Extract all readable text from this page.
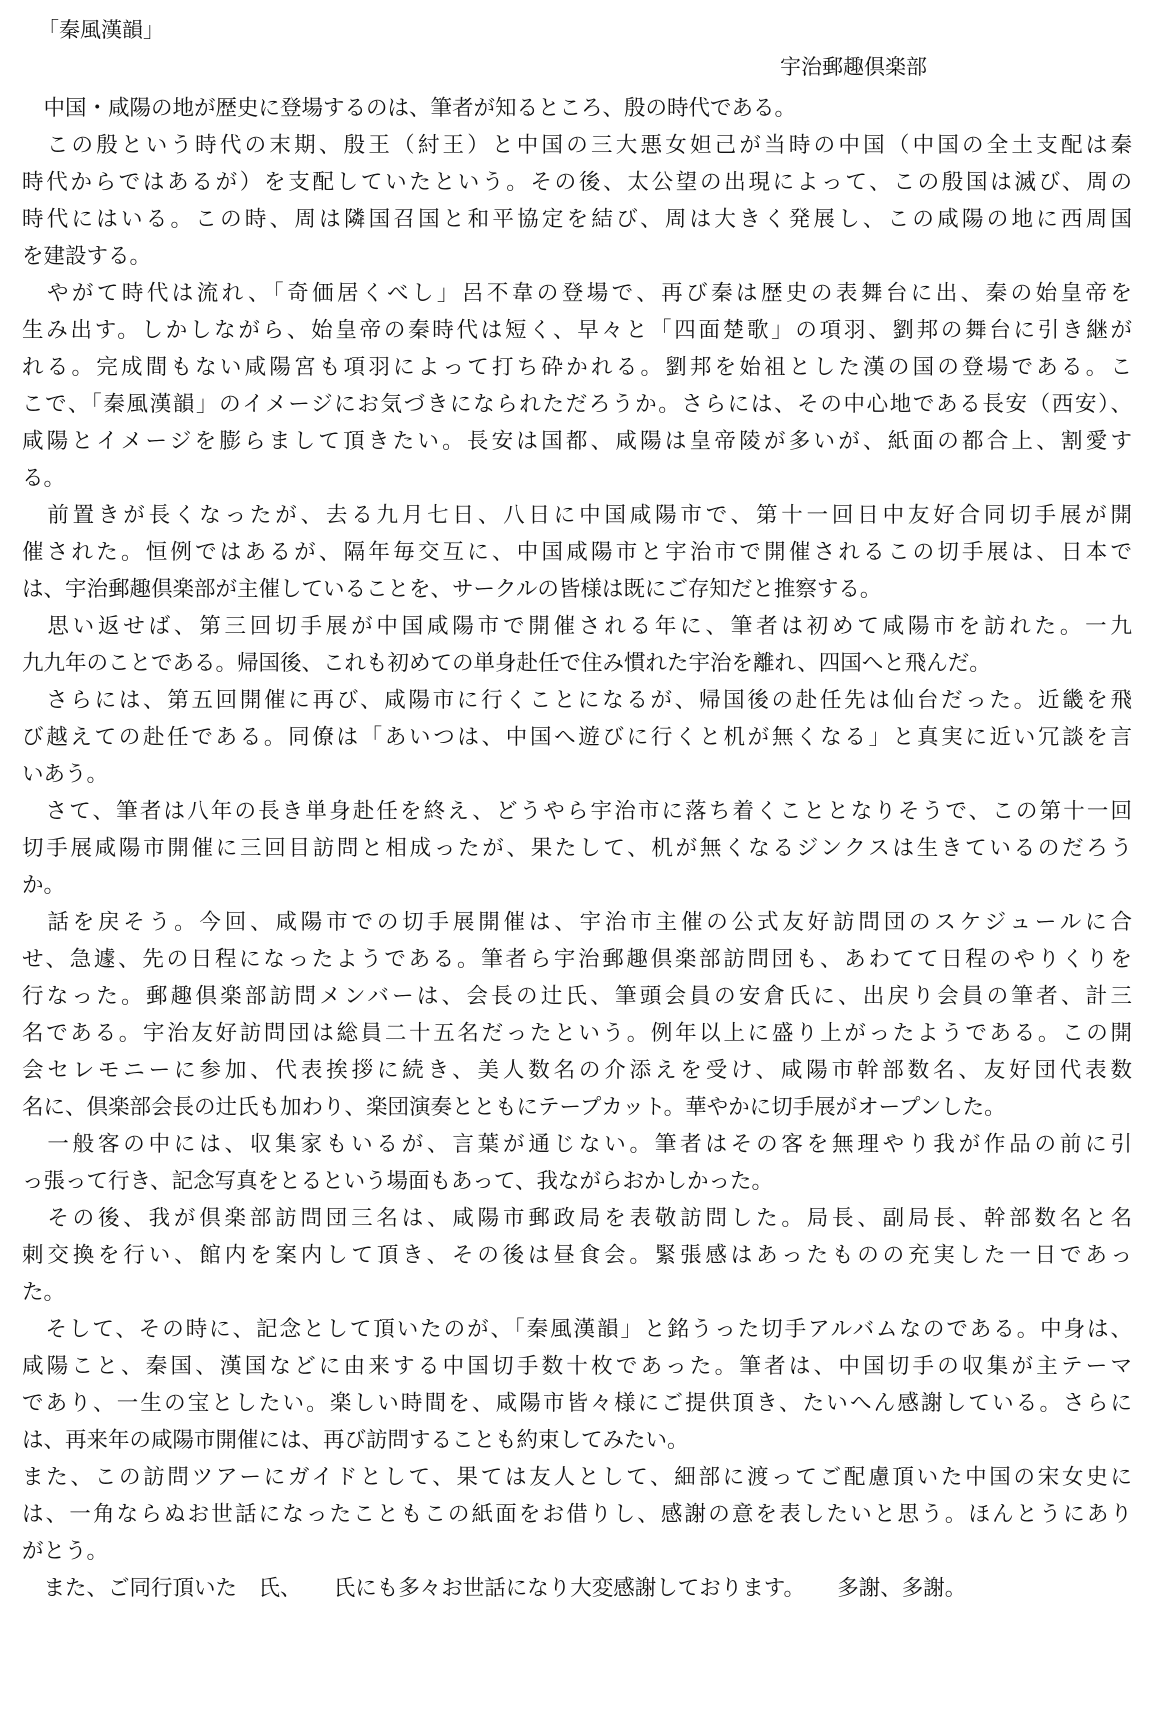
「秦風漢韻」
宇治郵趣倶楽部
　中国・咸陽の地が歴史に登場するのは、筆者が知るところ、殷の時代である。
　この殷という時代の末期、殷王（紂王）と中国の三大悪女妲己が当時の中国（中国の全土支配は秦
時代からではあるが）を支配していたという。その後、太公望の出現によって、この殷国は滅び、周の
時代にはいる。この時、周は隣国召国と和平協定を結び、周は大きく発展し、この咸陽の地に西周国
を建設する。
　やがて時代は流れ、「奇価居くべし」呂不韋の登場で、再び秦は歴史の表舞台に出、秦の始皇帝を
生み出す。しかしながら、始皇帝の秦時代は短く、早々と「四面楚歌」の項羽、劉邦の舞台に引き継が
れる。完成間もない咸陽宮も項羽によって打ち砕かれる。劉邦を始祖とした漢の国の登場である。こ
こで、「秦風漢韻」のイメージにお気づきになられただろうか。さらには、その中心地である長安（西安）、
咸陽とイメージを膨らまして頂きたい。長安は国都、咸陽は皇帝陵が多いが、紙面の都合上、割愛す
る。
　前置きが長くなったが、去る九月七日、八日に中国咸陽市で、第十一回日中友好合同切手展が開
催された。恒例ではあるが、隔年毎交互に、中国咸陽市と宇治市で開催されるこの切手展は、日本で
は、宇治郵趣倶楽部が主催していることを、サークルの皆様は既にご存知だと推察する。
　思い返せば、第三回切手展が中国咸陽市で開催される年に、筆者は初めて咸陽市を訪れた。一九
九九年のことである。帰国後、これも初めての単身赴任で住み慣れた宇治を離れ、四国へと飛んだ。
　さらには、第五回開催に再び、咸陽市に行くことになるが、帰国後の赴任先は仙台だった。近畿を飛
び越えての赴任である。同僚は「あいつは、中国へ遊びに行くと机が無くなる」と真実に近い冗談を言
いあう。
　さて、筆者は八年の長き単身赴任を終え、どうやら宇治市に落ち着くこととなりそうで、この第十一回
切手展咸陽市開催に三回目訪問と相成ったが、果たして、机が無くなるジンクスは生きているのだろう
か。
　話を戻そう。今回、咸陽市での切手展開催は、宇治市主催の公式友好訪問団のスケジュールに合
せ、急遽、先の日程になったようである。筆者ら宇治郵趣倶楽部訪問団も、あわてて日程のやりくりを
行なった。郵趣倶楽部訪問メンバーは、会長の辻氏、筆頭会員の安倉氏に、出戻り会員の筆者、計三
名である。宇治友好訪問団は総員二十五名だったという。例年以上に盛り上がったようである。この開
会セレモニーに参加、代表挨拶に続き、美人数名の介添えを受け、咸陽市幹部数名、友好団代表数
名に、倶楽部会長の辻氏も加わり、楽団演奏とともにテープカット。華やかに切手展がオープンした。
　一般客の中には、収集家もいるが、言葉が通じない。筆者はその客を無理やり我が作品の前に引
っ張って行き、記念写真をとるという場面もあって、我ながらおかしかった。
　その後、我が倶楽部訪問団三名は、咸陽市郵政局を表敬訪問した。局長、副局長、幹部数名と名
刺交換を行い、館内を案内して頂き、その後は昼食会。緊張感はあったものの充実した一日であっ
た。
　そして、その時に、記念として頂いたのが、「秦風漢韻」と銘うった切手アルバムなのである。中身は、
咸陽こと、秦国、漢国などに由来する中国切手数十枚であった。筆者は、中国切手の収集が主テーマ
であり、一生の宝としたい。楽しい時間を、咸陽市皆々様にご提供頂き、たいへん感謝している。さらに
は、再来年の咸陽市開催には、再び訪問することも約束してみたい。
また、この訪問ツアーにガイドとして、果ては友人として、細部に渡ってご配慮頂いた中国の宋女史に
は、一角ならぬお世話になったこともこの紙面をお借りし、感謝の意を表したいと思う。ほんとうにあり
がとう。
　また、ご同行頂いた　氏、　　氏にも多々お世話になり大変感謝しております。　　多謝、多謝。
